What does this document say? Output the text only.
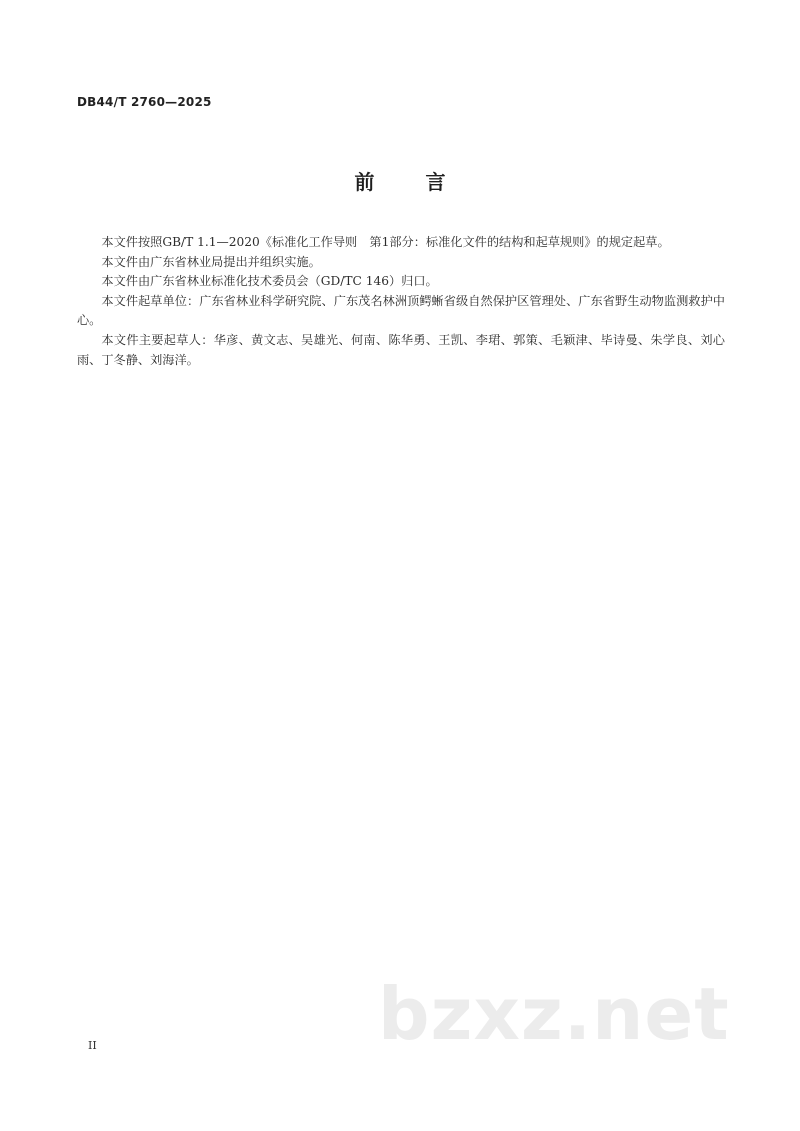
DB44/T 2760—2025
前 言

本文件按照GB/T 1.1—2020《标准化工作导则　第1部分：标准化文件的结构和起草规则》的规定起草。

本文件由广东省林业局提出并组织实施。

本文件由广东省林业标准化技术委员会（GD/TC 146）归口。

本文件起草单位：广东省林业科学研究院、广东茂名林洲顶鳄蜥省级自然保护区管理处、广东省野生动物监测救护中心。

本文件主要起草人：华彦、黄文志、吴雄光、何南、陈华勇、王凯、李珺、郭策、毛颖津、毕诗曼、朱学良、刘心雨、丁冬静、刘海洋。

II	bzxz.net
